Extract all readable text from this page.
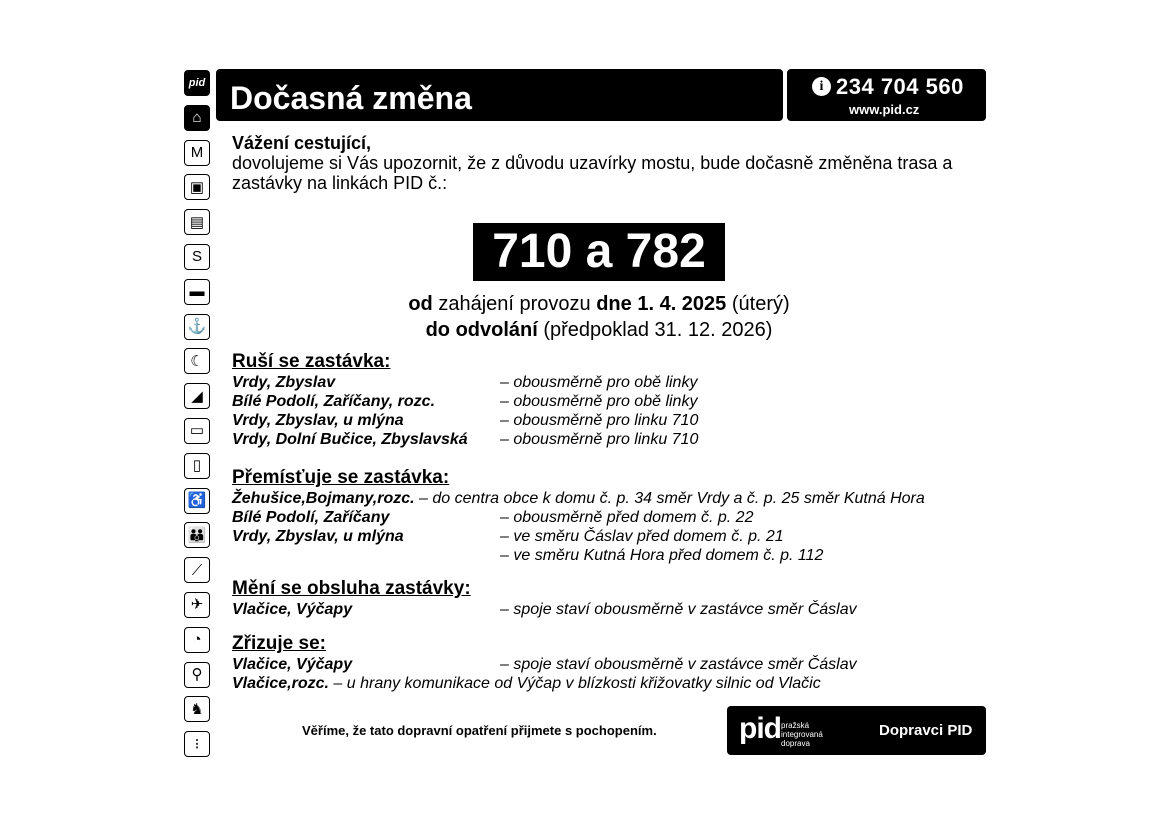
pid
⌂
M
▣
▤
S
▬
⚓
☾
◢
▭
▯
♿
👪
⟋
✈
◔
⚲
♞
⁝
Dočasná změna	i 234 704 560
www.pid.cz
Vážení cestující,
dovolujeme si Vás upozornit, že z důvodu uzavírky mostu, bude dočasně změněna trasa a zastávky na linkách PID č.:
710 a 782
od zahájení provozu dne 1. 4. 2025 (úterý)
do odvolání (předpoklad 31. 12. 2026)
Ruší se zastávka:
Vrdy, Zbyslav	– obousměrně pro obě linky
Bílé Podolí, Zaříčany, rozc.	– obousměrně pro obě linky
Vrdy, Zbyslav, u mlýna	– obousměrně pro linku 710
Vrdy, Dolní Bučice, Zbyslavská	– obousměrně pro linku 710
Přemísťuje se zastávka:
Žehušice,Bojmany,rozc. – do centra obce k domu č. p. 34 směr Vrdy a č. p. 25 směr Kutná Hora
Bílé Podolí, Zaříčany	– obousměrně před domem č. p. 22
Vrdy, Zbyslav, u mlýna	– ve směru Čáslav před domem č. p. 21
– ve směru Kutná Hora před domem č. p. 112
Mění se obsluha zastávky:
Vlačice, Výčapy	– spoje staví obousměrně v zastávce směr Čáslav
Zřizuje se:
Vlačice, Výčapy	– spoje staví obousměrně v zastávce směr Čáslav
Vlačice,rozc. – u hrany komunikace od Výčap v blízkosti křižovatky silnic od Vlačic
Věříme, že tato dopravní opatření přijmete s pochopením.	pid pražská integrovaná doprava
Dopravci PID
